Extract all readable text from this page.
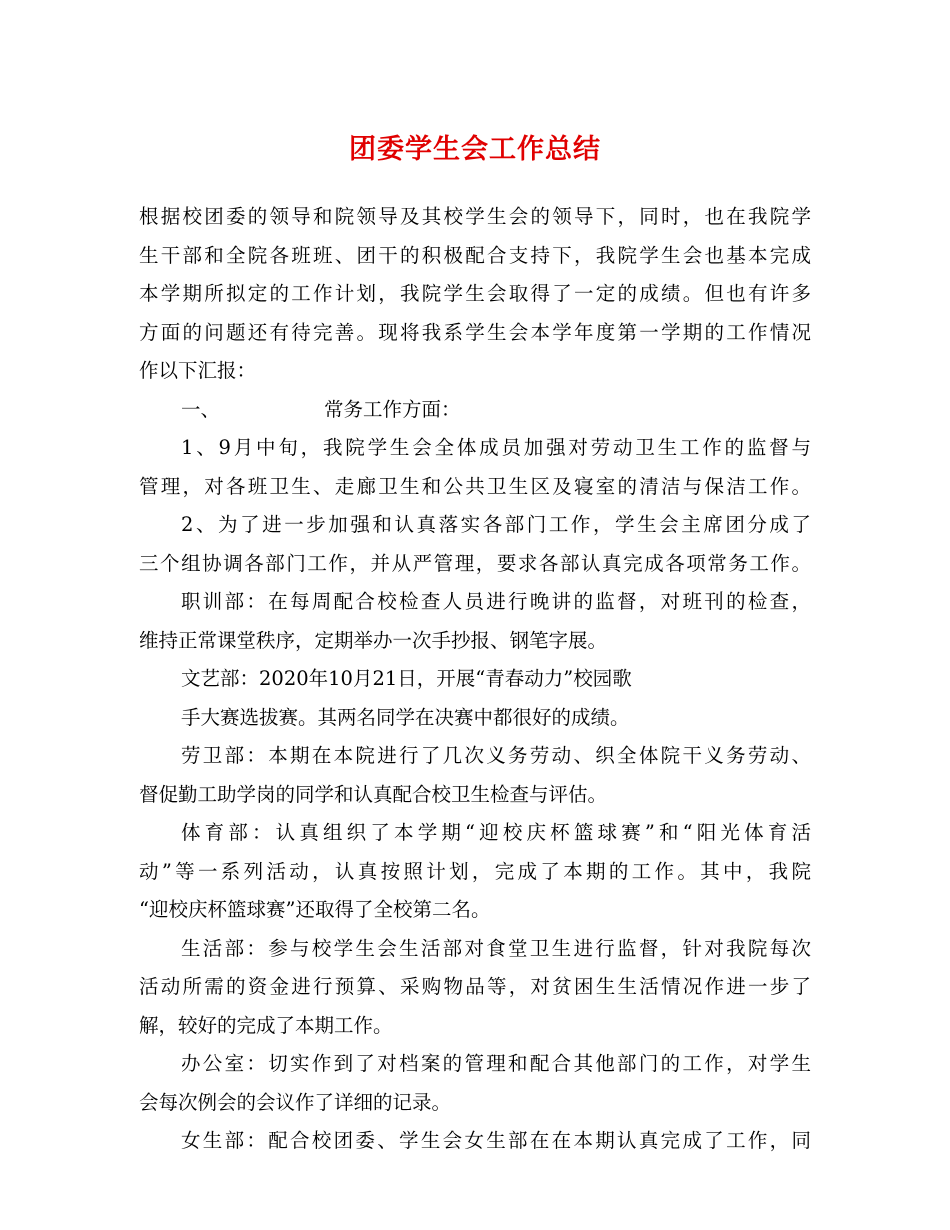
团委学生会工作总结
根据校团委的领导和院领导及其校学生会的领导下，同时，也在我院学
生干部和全院各班班、团干的积极配合支持下，我院学生会也基本完成
本学期所拟定的工作计划，我院学生会取得了一定的成绩。但也有许多
方面的问题还有待完善。现将我系学生会本学年度第一学期的工作情况
作以下汇报：
一、	常务工作方面：
1、9月中旬，我院学生会全体成员加强对劳动卫生工作的监督与
管理，对各班卫生、走廊卫生和公共卫生区及寝室的清洁与保洁工作。
2、为了进一步加强和认真落实各部门工作，学生会主席团分成了
三个组协调各部门工作，并从严管理，要求各部认真完成各项常务工作。
职训部：在每周配合校检查人员进行晚讲的监督，对班刊的检查，
维持正常课堂秩序，定期举办一次手抄报、钢笔字展。
文艺部：2020年10月21日，开展“青春动力”校园歌
手大赛选拔赛。其两名同学在决赛中都很好的成绩。
劳卫部：本期在本院进行了几次义务劳动、织全体院干义务劳动、
督促勤工助学岗的同学和认真配合校卫生检查与评估。
体育部：认真组织了本学期“迎校庆杯篮球赛”和“阳光体育活
动”等一系列活动，认真按照计划，完成了本期的工作。其中，我院
“迎校庆杯篮球赛”还取得了全校第二名。
生活部：参与校学生会生活部对食堂卫生进行监督，针对我院每次
活动所需的资金进行预算、采购物品等，对贫困生生活情况作进一步了
解，较好的完成了本期工作。
办公室：切实作到了对档案的管理和配合其他部门的工作，对学生
会每次例会的会议作了详细的记录。
女生部：配合校团委、学生会女生部在在本期认真完成了工作，同
